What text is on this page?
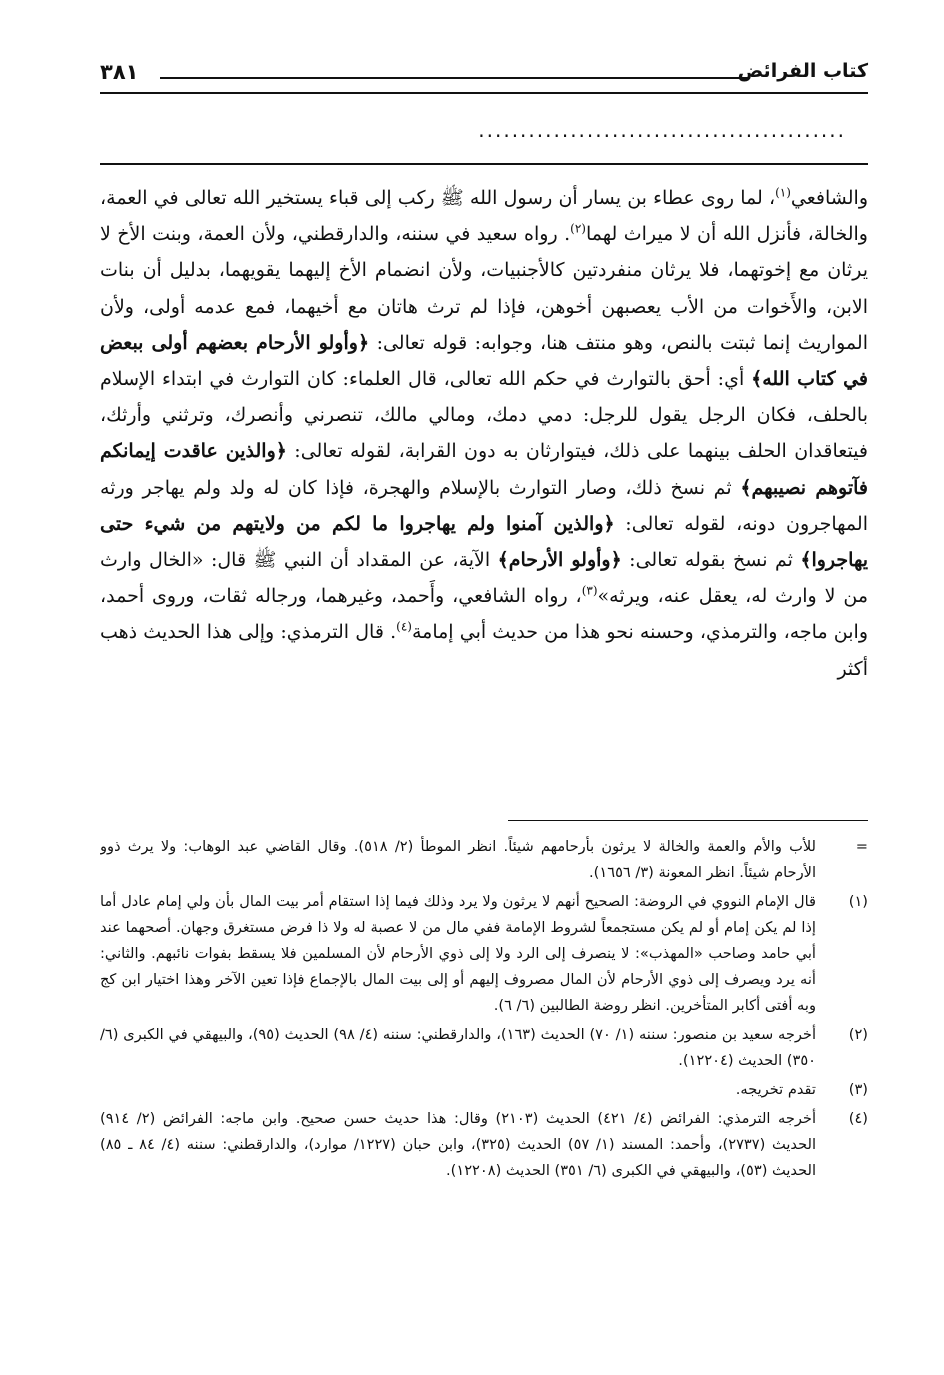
كتاب الفرائض
٣٨١
............................................

والشافعي$^{(١)}$، لما روى عطاء بن يسار أن رسول الله ﷺ ركب إلى قباء يستخير الله تعالى في العمة، والخالة، فأنزل الله أن لا ميراث لهما$^{(٢)}$. رواه سعيد في سننه، والدارقطني، ولأن العمة، وبنت الأخ لا يرثان مع إخوتهما، فلا يرثان منفردتين كالأجنبيات، ولأن انضمام الأخ إليهما يقويهما، بدليل أن بنات الابن، والأَخوات من الأب يعصبهن أخوهن، فإذا لم ترث هاتان مع أخيهما، فمع عدمه أولى، ولأن المواريث إنما ثبتت بالنص، وهو منتف هنا، وجوابه: قوله تعالى: ﴿وأولو الأرحام بعضهم أولى ببعض في كتاب الله﴾ أي: أحق بالتوارث في حكم الله تعالى، قال العلماء: كان التوارث في ابتداء الإسلام بالحلف، فكان الرجل يقول للرجل: دمي دمك، ومالي مالك، تنصرني وأنصرك، وترثني وأرثك، فيتعاقدان الحلف بينهما على ذلك، فيتوارثان به دون القرابة، لقوله تعالى: ﴿والذين عاقدت إيمانكم فآتوهم نصيبهم﴾ ثم نسخ ذلك، وصار التوارث بالإسلام والهجرة، فإذا كان له ولد ولم يهاجر ورثه المهاجرون دونه، لقوله تعالى: ﴿والذين آمنوا ولم يهاجروا ما لكم من ولايتهم من شيء حتى يهاجروا﴾ ثم نسخ بقوله تعالى: ﴿وأولو الأرحام﴾ الآية، عن المقداد أن النبي ﷺ قال: «الخال وارث من لا وارث له، يعقل عنه، ويرثه»$^{(٣)}$، رواه الشافعي، وأَحمد، وغيرهما، ورجاله ثقات، وروى أحمد، وابن ماجه، والترمذي، وحسنه نحو هذا من حديث أبي إمامة$^{(٤)}$. قال الترمذي: وإلى هذا الحديث ذهب أكثر

=
للأب والأم والعمة والخالة لا يرثون بأرحامهم شيئاً. انظر الموطأ (٢/ ٥١٨). وقال القاضي عبد الوهاب: ولا يرث ذوو الأرحام شيئاً. انظر المعونة (٣/ ١٦٥٦).
(١)
قال الإمام النووي في الروضة: الصحيح أنهم لا يرثون ولا يرد وذلك فيما إذا استقام أمر بيت المال بأن ولي إمام عادل أما إذا لم يكن إمام أو لم يكن مستجمعاً لشروط الإمامة ففي مال من لا عصبة له ولا ذا فرض مستغرق وجهان. أصحهما عند أبي حامد وصاحب «المهذب»: لا ينصرف إلى الرد ولا إلى ذوي الأرحام لأن المسلمين فلا يسقط بفوات نائبهم. والثاني: أنه يرد ويصرف إلى ذوي الأرحام لأن المال مصروف إليهم أو إلى بيت المال بالإجماع فإذا تعين الآخر وهذا اختيار ابن كج وبه أفتى أكابر المتأخرين. انظر روضة الطالبين (٦/ ٦).
(٢)
أخرجه سعيد بن منصور: سننه (١/ ٧٠) الحديث (١٦٣)، والدارقطني: سننه (٤/ ٩٨) الحديث (٩٥)، والبيهقي في الكبرى (٦/ ٣٥٠) الحديث (١٢٢٠٤).
(٣)
تقدم تخريجه.
(٤)
أخرجه الترمذي: الفرائض (٤/ ٤٢١) الحديث (٢١٠٣) وقال: هذا حديث حسن صحيح. وابن ماجه: الفرائض (٢/ ٩١٤) الحديث (٢٧٣٧)، وأحمد: المسند (١/ ٥٧) الحديث (٣٢٥)، وابن حبان (١٢٢٧/ موارد)، والدارقطني: سننه (٤/ ٨٤ ـ ٨٥) الحديث (٥٣)، والبيهقي في الكبرى (٦/ ٣٥١) الحديث (١٢٢٠٨).
